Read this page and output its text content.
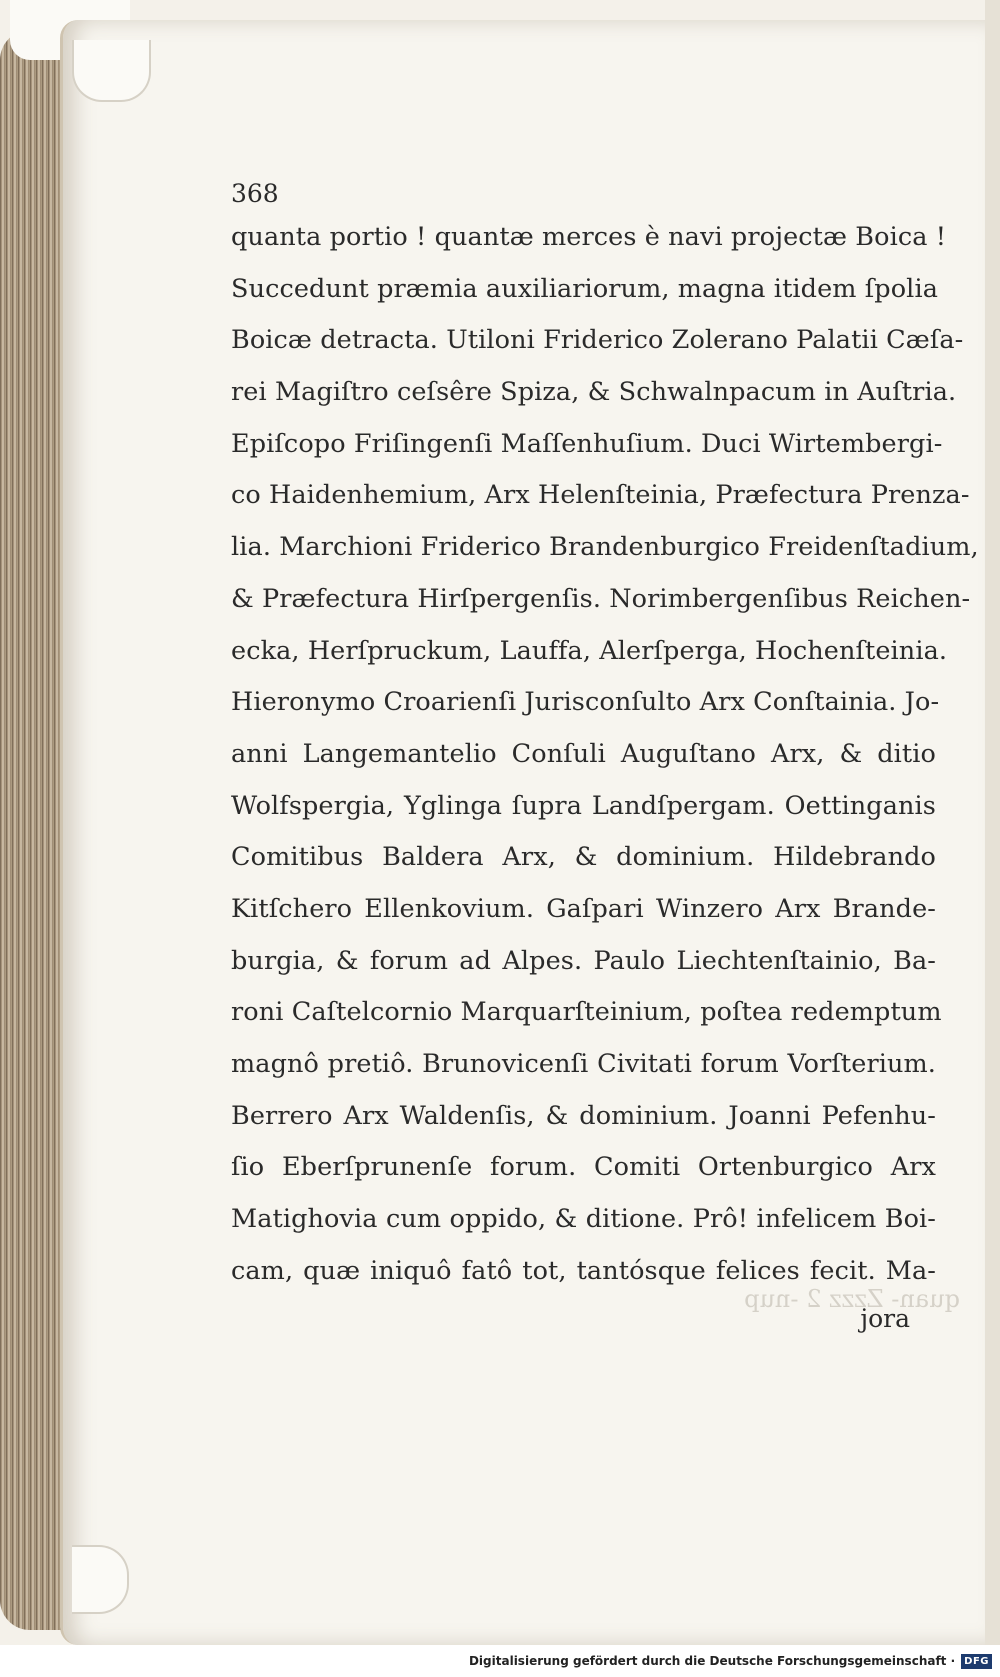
quan- Zzzz 2 -nup
368
quanta portio ! quantæ merces è navi projectæ Boica !
Succedunt præmia auxiliariorum, magna itidem ſpolia
Boicæ detracta. Utiloni Friderico Zolerano Palatii Cæſa-
rei Magiſtro ceſsêre Spiza, & Schwalnpacum in Auſtria.
Epiſcopo Friſingenſi Maſſenhuſium. Duci Wirtembergi-
co Haidenhemium, Arx Helenſteinia, Præfectura Prenza-
lia. Marchioni Friderico Brandenburgico Freidenſtadium,
& Præfectura Hirſpergenſis. Norimbergenſibus Reichen-
ecka, Herſpruckum, Lauffa, Alerſperga, Hochenſteinia.
Hieronymo Croarienſi Jurisconſulto Arx Conſtainia. Jo-
anni Langemantelio Conſuli Auguſtano Arx, & ditio
Wolfspergia, Yglinga ſupra Landſpergam. Oettinganis
Comitibus Baldera Arx, & dominium. Hildebrando
Kitſchero Ellenkovium. Gaſpari Winzero Arx Brande-
burgia, & forum ad Alpes. Paulo Liechtenſtainio, Ba-
roni Caſtelcornio Marquarſteinium, poſtea redemptum
magnô pretiô. Brunovicenſi Civitati forum Vorſterium.
Berrero Arx Waldenſis, & dominium. Joanni Pefenhu-
ſio Eberſprunenſe forum. Comiti Ortenburgico Arx
Matighovia cum oppido, & ditione. Prô! infelicem Boi-
cam, quæ iniquô fatô tot, tantósque felices fecit. Ma-
jora
Digitalisierung gefördert durch die Deutsche Forschungsgemeinschaft · DFG
